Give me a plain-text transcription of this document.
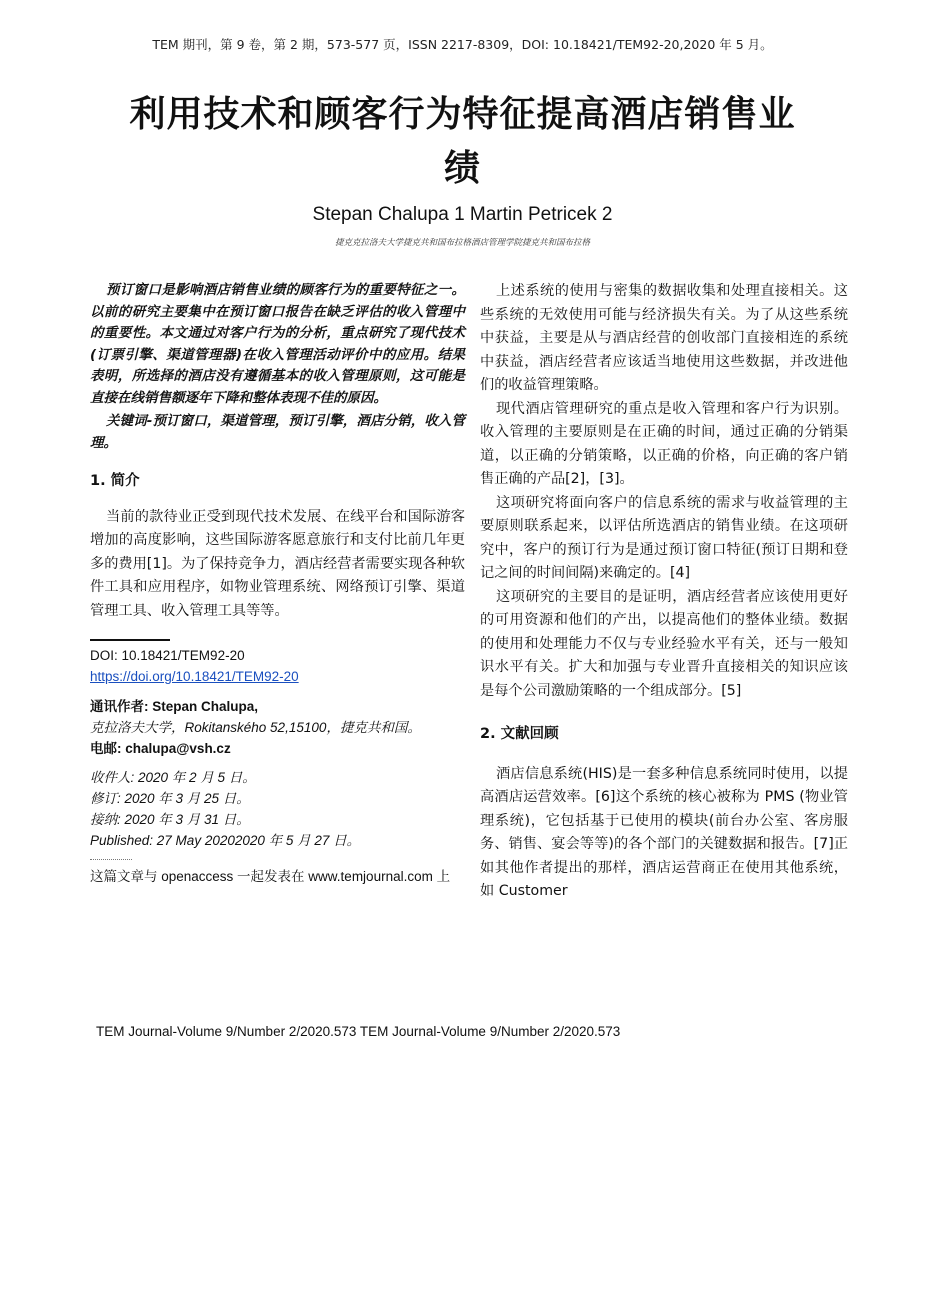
TEM 期刊，第 9 卷，第 2 期，573-577 页，ISSN 2217-8309，DOI: 10.18421/TEM92-20,2020 年 5 月。
利用技术和顾客行为特征提高酒店销售业绩
Stepan Chalupa 1 Martin Petricek 2
捷克克拉洛夫大学捷克共和国布拉格酒店管理学院捷克共和国布拉格

预订窗口是影响酒店销售业绩的顾客行为的重要特征之一。以前的研究主要集中在预订窗口报告在缺乏评估的收入管理中的重要性。本文通过对客户行为的分析，重点研究了现代技术(订票引擎、渠道管理器)在收入管理活动评价中的应用。结果表明，所选择的酒店没有遵循基本的收入管理原则，这可能是直接在线销售额逐年下降和整体表现不佳的原因。

关键词-预订窗口，渠道管理，预订引擎，酒店分销，收入管理。

1. 简介

当前的款待业正受到现代技术发展、在线平台和国际游客增加的高度影响，这些国际游客愿意旅行和支付比前几年更多的费用[1]。为了保持竞争力，酒店经营者需要实现各种软件工具和应用程序，如物业管理系统、网络预订引擎、渠道管理工具、收入管理工具等等。

DOI: 10.18421/TEM92-20
https://doi.org/10.18421/TEM92-20
通讯作者: Stepan Chalupa,
克拉洛夫大学，Rokitanského 52,15100，捷克共和国。
电邮: chalupa@vsh.cz
收件人: 2020 年 2 月 5 日。
修订: 2020 年 3 月 25 日。
接纳: 2020 年 3 月 31 日。
Published: 27 May 20202020 年 5 月 27 日。

这篇文章与 openaccess 一起发表在 www.temjournal.com 上

上述系统的使用与密集的数据收集和处理直接相关。这些系统的无效使用可能与经济损失有关。为了从这些系统中获益，主要是从与酒店经营的创收部门直接相连的系统中获益，酒店经营者应该适当地使用这些数据，并改进他们的收益管理策略。

现代酒店管理研究的重点是收入管理和客户行为识别。收入管理的主要原则是在正确的时间，通过正确的分销渠道，以正确的分销策略，以正确的价格，向正确的客户销售正确的产品[2]，[3]。

这项研究将面向客户的信息系统的需求与收益管理的主要原则联系起来，以评估所选酒店的销售业绩。在这项研究中，客户的预订行为是通过预订窗口特征(预订日期和登记之间的时间间隔)来确定的。[4]

这项研究的主要目的是证明，酒店经营者应该使用更好的可用资源和他们的产出，以提高他们的整体业绩。数据的使用和处理能力不仅与专业经验水平有关，还与一般知识水平有关。扩大和加强与专业晋升直接相关的知识应该是每个公司激励策略的一个组成部分。[5]

2. 文献回顾

酒店信息系统(HIS)是一套多种信息系统同时使用，以提高酒店运营效率。[6]这个系统的核心被称为 PMS (物业管理系统)，它包括基于已使用的模块(前台办公室、客房服务、销售、宴会等等)的各个部门的关键数据和报告。[7]正如其他作者提出的那样，酒店运营商正在使用其他系统，如 Customer

TEM Journal-Volume 9/Number 2/2020.573 TEM Journal-Volume 9/Number 2/2020.573
